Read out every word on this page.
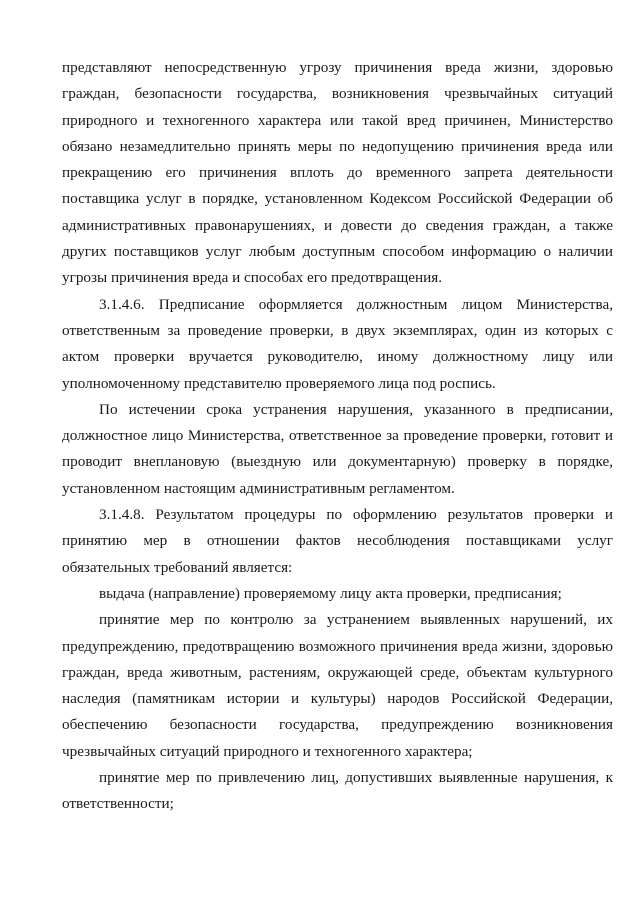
представляют непосредственную угрозу причинения вреда жизни, здоровью
граждан, безопасности государства, возникновения чрезвычайных ситуаций
природного и техногенного характера или такой вред причинен, Министерство
обязано незамедлительно принять меры по недопущению причинения вреда или
прекращению его причинения вплоть до временного запрета деятельности
поставщика услуг в порядке, установленном Кодексом Российской Федерации об
административных правонарушениях, и довести до сведения граждан, а также
других поставщиков услуг любым доступным способом информацию о наличии
угрозы причинения вреда и способах его предотвращения.
3.1.4.6. Предписание оформляется должностным лицом Министерства,
ответственным за проведение проверки, в двух экземплярах, один из которых с
актом проверки вручается руководителю, иному должностному лицу или
уполномоченному представителю проверяемого лица под роспись.
По истечении срока устранения нарушения, указанного в предписании,
должностное лицо Министерства, ответственное за проведение проверки, готовит и
проводит внеплановую (выездную или документарную) проверку в порядке,
установленном настоящим административным регламентом.
3.1.4.8. Результатом процедуры по оформлению результатов проверки и
принятию мер в отношении фактов несоблюдения поставщиками услуг
обязательных требований является:
выдача (направление) проверяемому лицу акта проверки, предписания;
принятие мер по контролю за устранением выявленных нарушений, их
предупреждению, предотвращению возможного причинения вреда жизни, здоровью
граждан, вреда животным, растениям, окружающей среде, объектам культурного
наследия (памятникам истории и культуры) народов Российской Федерации,
обеспечению безопасности государства, предупреждению возникновения
чрезвычайных ситуаций природного и техногенного характера;
принятие мер по привлечению лиц, допустивших выявленные нарушения, к
ответственности;
